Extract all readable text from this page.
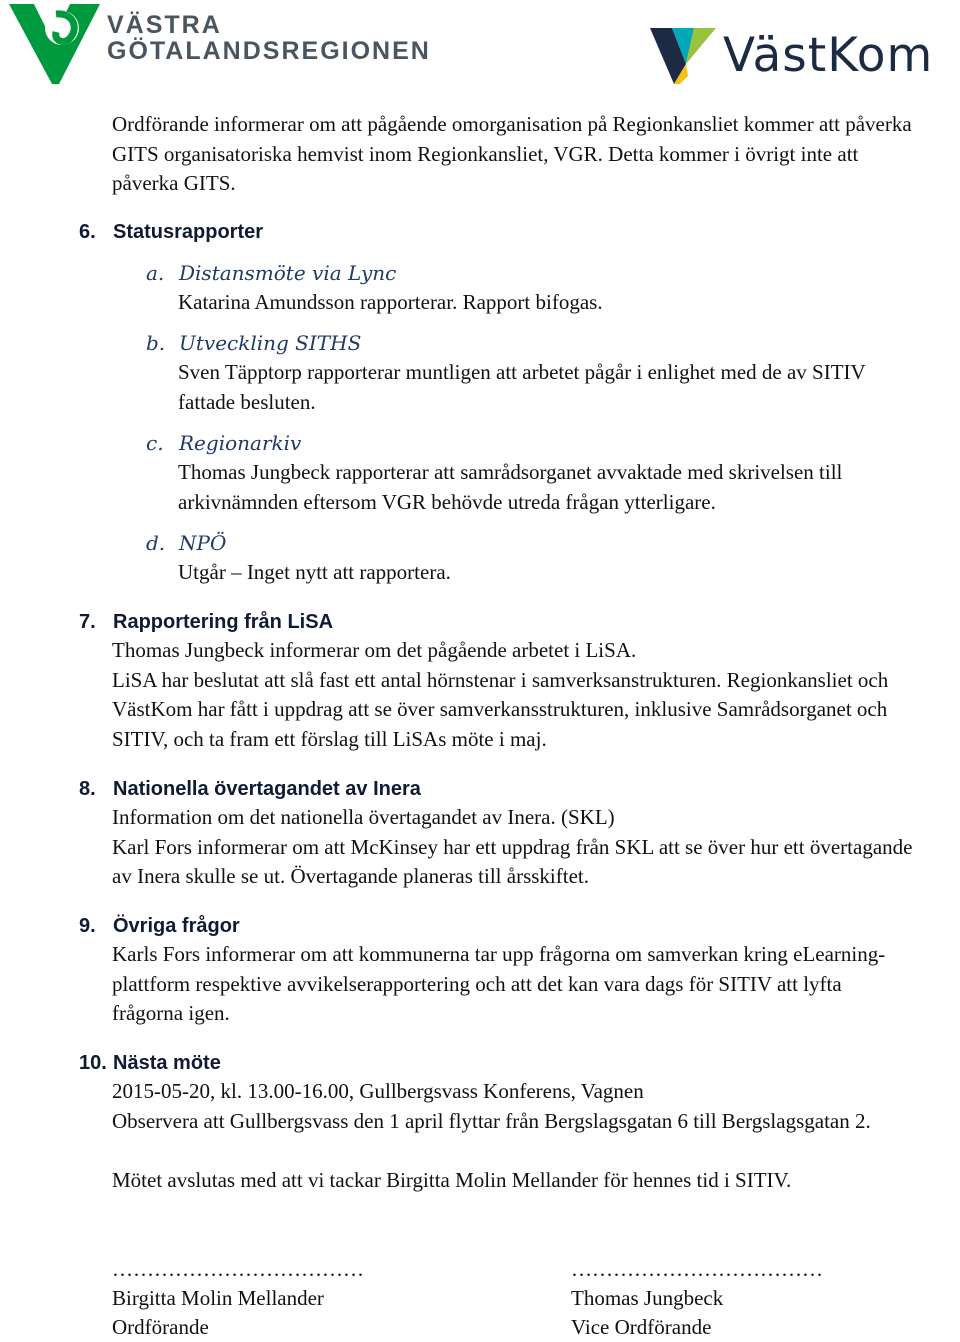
VÄSTRA
GÖTALANDSREGIONEN	VästKom
Ordförande informerar om att pågående omorganisation på Regionkansliet kommer att påverka
GITS organisatoriska hemvist inom Regionkansliet, VGR. Detta kommer i övrigt inte att
påverka GITS.
6. Statusrapporter
a. Distansmöte via Lync
Katarina Amundsson rapporterar. Rapport bifogas.
b. Utveckling SITHS
Sven Täpptorp rapporterar muntligen att arbetet pågår i enlighet med de av SITIV
fattade besluten.
c. Regionarkiv
Thomas Jungbeck rapporterar att samrådsorganet avvaktade med skrivelsen till
arkivnämnden eftersom VGR behövde utreda frågan ytterligare.
d. NPÖ
Utgår – Inget nytt att rapportera.
7. Rapportering från LiSA
Thomas Jungbeck informerar om det pågående arbetet i LiSA.
LiSA har beslutat att slå fast ett antal hörnstenar i samverksanstrukturen. Regionkansliet och
VästKom har fått i uppdrag att se över samverkansstrukturen, inklusive Samrådsorganet och
SITIV, och ta fram ett förslag till LiSAs möte i maj.
8. Nationella övertagandet av Inera
Information om det nationella övertagandet av Inera. (SKL)
Karl Fors informerar om att McKinsey har ett uppdrag från SKL att se över hur ett övertagande
av Inera skulle se ut. Övertagande planeras till årsskiftet.
9. Övriga frågor
Karls Fors informerar om att kommunerna tar upp frågorna om samverkan kring eLearning-
plattform respektive avvikelserapportering och att det kan vara dags för SITIV att lyfta
frågorna igen.
10. Nästa möte
2015-05-20, kl. 13.00-16.00, Gullbergsvass Konferens, Vagnen
Observera att Gullbergsvass den 1 april flyttar från Bergslagsgatan 6 till Bergslagsgatan 2.
Mötet avslutas med att vi tackar Birgitta Molin Mellander för hennes tid i SITIV.
………………………………
Birgitta Molin Mellander
Ordförande
………………………………
Thomas Jungbeck
Vice Ordförande
